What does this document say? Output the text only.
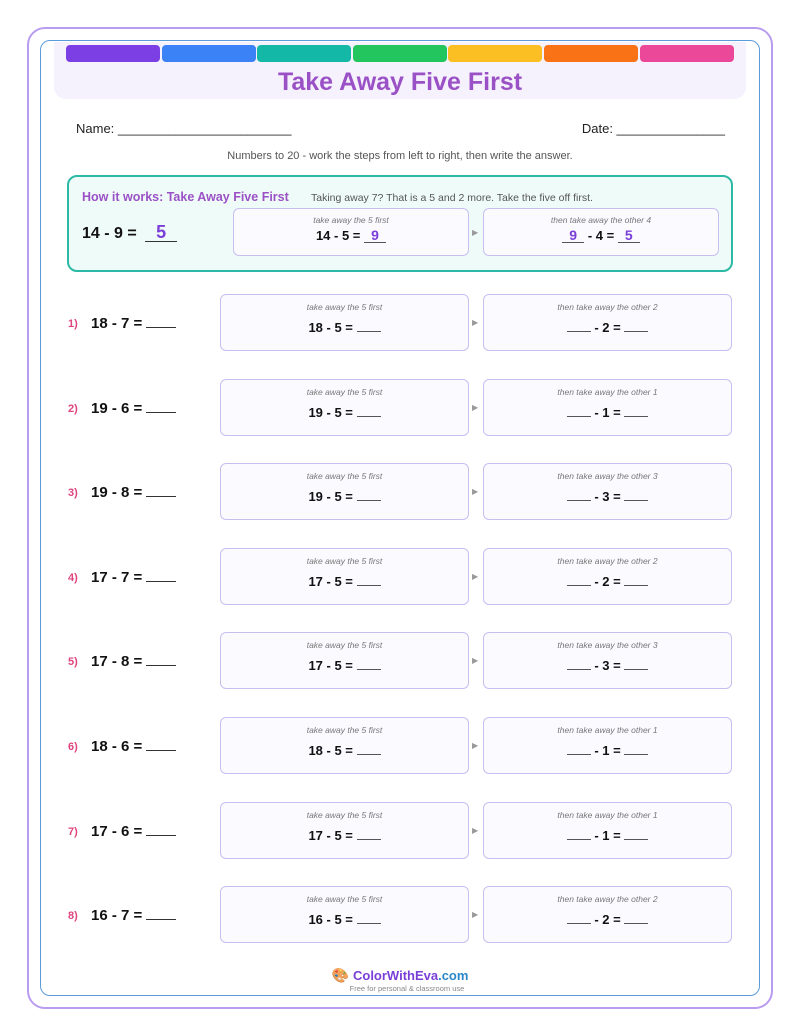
Take Away Five First
Name: ________________________	Date: _______________
Numbers to 20 - work the steps from left to right, then write the answer.
How it works: Take Away Five First Taking away 7? That is a 5 and 2 more. Take the five off first.
14 - 9 = 5
take away the 5 first
14 - 5 = 9	▶
then take away the other 4
9 - 4 = 5
1) 18 - 7 =
take away the 5 first
18 - 5 =	▶
then take away the other 2
- 2 =
2) 19 - 6 =
take away the 5 first
19 - 5 =	▶
then take away the other 1
- 1 =
3) 19 - 8 =
take away the 5 first
19 - 5 =	▶
then take away the other 3
- 3 =
4) 17 - 7 =
take away the 5 first
17 - 5 =	▶
then take away the other 2
- 2 =
5) 17 - 8 =
take away the 5 first
17 - 5 =	▶
then take away the other 3
- 3 =
6) 18 - 6 =
take away the 5 first
18 - 5 =	▶
then take away the other 1
- 1 =
7) 17 - 6 =
take away the 5 first
17 - 5 =	▶
then take away the other 1
- 1 =
8) 16 - 7 =
take away the 5 first
16 - 5 =	▶
then take away the other 2
- 2 =
🎨 ColorWithEva.com
Free for personal & classroom use
